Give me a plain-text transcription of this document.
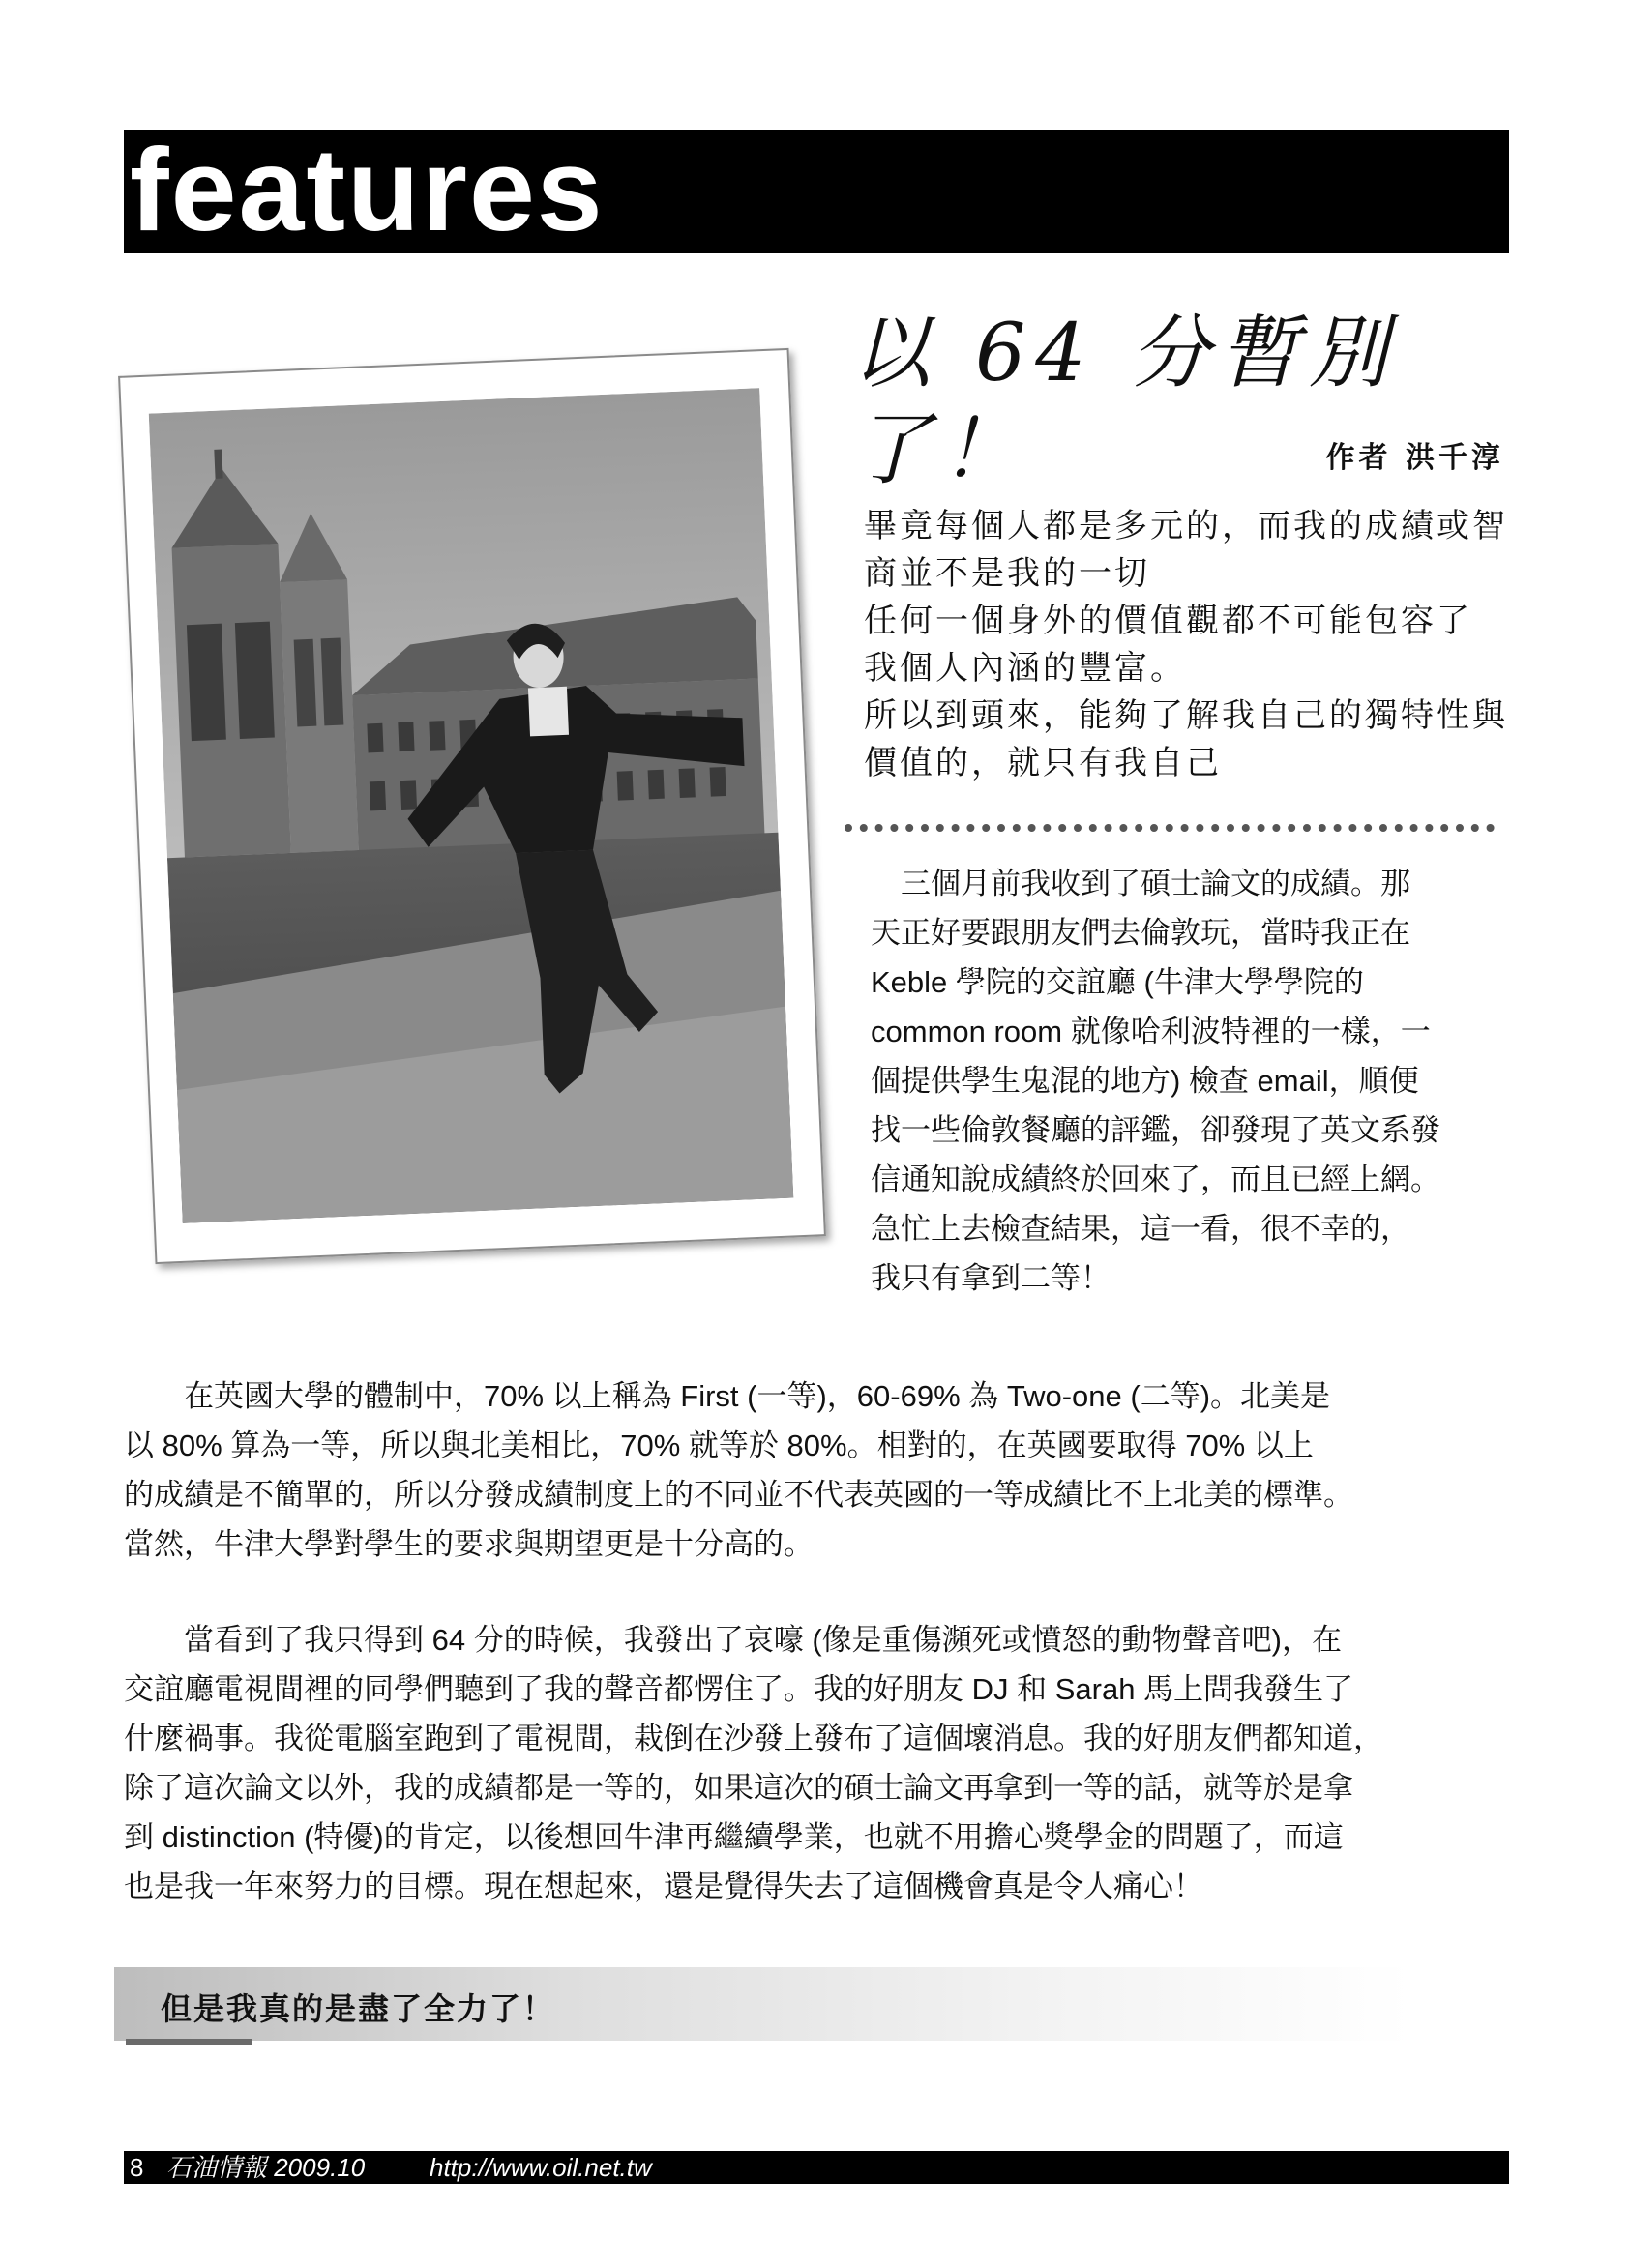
features
以 64 分暫別了！	作者 洪千淳
畢竟每個人都是多元的，而我的成績或智
商並不是我的一切
任何一個身外的價值觀都不可能包容了
我個人內涵的豐富。
所以到頭來，能夠了解我自己的獨特性與
價值的，就只有我自己
　三個月前我收到了碩士論文的成績。那
天正好要跟朋友們去倫敦玩，當時我正在
Keble 學院的交誼廳 (牛津大學學院的
common room 就像哈利波特裡的一樣，一
個提供學生鬼混的地方) 檢查 email，順便
找一些倫敦餐廳的評鑑，卻發現了英文系發
信通知說成績終於回來了，而且已經上網。
急忙上去檢查結果，這一看，很不幸的，
我只有拿到二等！
　　在英國大學的體制中，70% 以上稱為 First (一等)，60-69% 為 Two-one (二等)。北美是
以 80% 算為一等，所以與北美相比，70% 就等於 80%。相對的，在英國要取得 70% 以上
的成績是不簡單的，所以分發成績制度上的不同並不代表英國的一等成績比不上北美的標準。
當然，牛津大學對學生的要求與期望更是十分高的。
　　當看到了我只得到 64 分的時候，我發出了哀嚎 (像是重傷瀕死或憤怒的動物聲音吧)，在
交誼廳電視間裡的同學們聽到了我的聲音都愣住了。我的好朋友 DJ 和 Sarah 馬上問我發生了
什麼禍事。我從電腦室跑到了電視間，栽倒在沙發上發布了這個壞消息。我的好朋友們都知道，
除了這次論文以外，我的成績都是一等的，如果這次的碩士論文再拿到一等的話，就等於是拿
到 distinction (特優)的肯定，以後想回牛津再繼續學業，也就不用擔心獎學金的問題了，而這
也是我一年來努力的目標。現在想起來，還是覺得失去了這個機會真是令人痛心！
但是我真的是盡了全力了！
8 石油情報 2009.10	http://www.oil.net.tw
